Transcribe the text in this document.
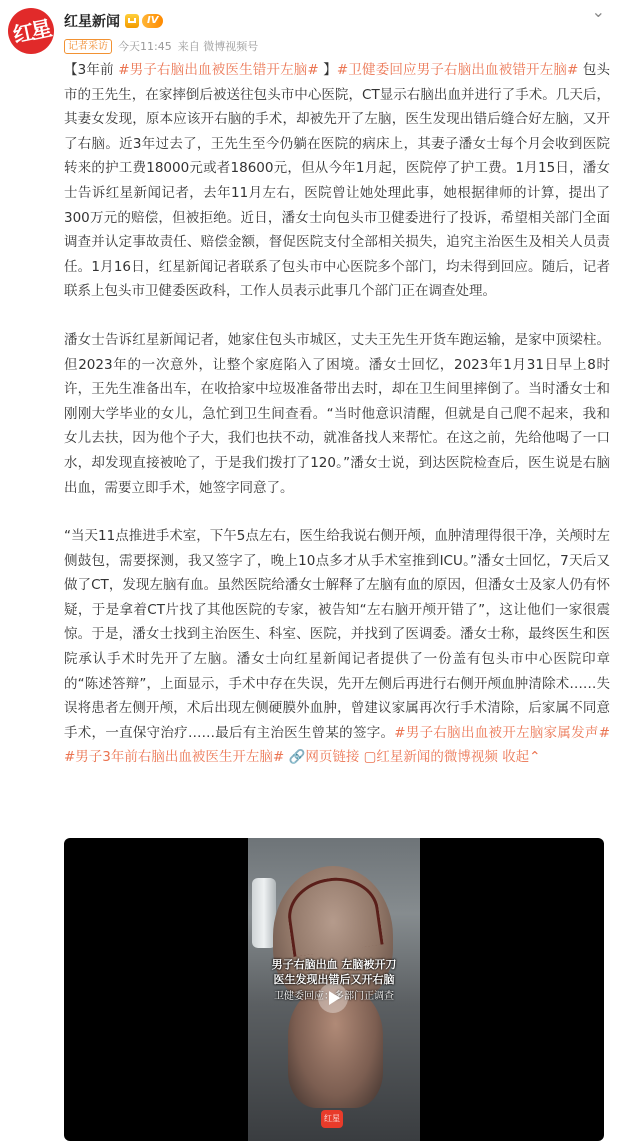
红星 红星新闻	IV	⌄
记者采访 今天11:45 来自 微博视频号

【3年前 #男子右脑出血被医生错开左脑# 】#卫健委回应男子右脑出血被错开左脑# 包头市的王先生，在家摔倒后被送往包头市中心医院，CT显示右脑出血并进行了手术。几天后，其妻女发现，原本应该开右脑的手术，却被先开了左脑，医生发现出错后缝合好左脑，又开了右脑。近3年过去了，王先生至今仍躺在医院的病床上，其妻子潘女士每个月会收到医院转来的护工费18000元或者18600元，但从今年1月起，医院停了护工费。1月15日，潘女士告诉红星新闻记者，去年11月左右，医院曾让她处理此事，她根据律师的计算，提出了300万元的赔偿，但被拒绝。近日，潘女士向包头市卫健委进行了投诉，希望相关部门全面调查并认定事故责任、赔偿金额，督促医院支付全部相关损失，追究主治医生及相关人员责任。1月16日，红星新闻记者联系了包头市中心医院多个部门，均未得到回应。随后，记者联系上包头市卫健委医政科，工作人员表示此事几个部门正在调查处理。

潘女士告诉红星新闻记者，她家住包头市城区，丈夫王先生开货车跑运输，是家中顶梁柱。但2023年的一次意外，让整个家庭陷入了困境。潘女士回忆，2023年1月31日早上8时许，王先生准备出车，在收拾家中垃圾准备带出去时，却在卫生间里摔倒了。当时潘女士和刚刚大学毕业的女儿，急忙到卫生间查看。“当时他意识清醒，但就是自己爬不起来，我和女儿去扶，因为他个子大，我们也扶不动，就准备找人来帮忙。在这之前，先给他喝了一口水，却发现直接被呛了，于是我们拨打了120。”潘女士说，到达医院检查后，医生说是右脑出血，需要立即手术，她签字同意了。

“当天11点推进手术室，下午5点左右，医生给我说右侧开颅，血肿清理得很干净，关颅时左侧鼓包，需要探测，我又签字了，晚上10点多才从手术室推到ICU。”潘女士回忆，7天后又做了CT，发现左脑有血。虽然医院给潘女士解释了左脑有血的原因，但潘女士及家人仍有怀疑，于是拿着CT片找了其他医院的专家，被告知“左右脑开颅开错了”，这让他们一家很震惊。于是，潘女士找到主治医生、科室、医院，并找到了医调委。潘女士称，最终医生和医院承认手术时先开了左脑。潘女士向红星新闻记者提供了一份盖有包头市中心医院印章的“陈述答辩”，上面显示，手术中存在失误，先开左侧后再进行右侧开颅血肿清除术……失误将患者左侧开颅，术后出现左侧硬膜外血肿，曾建议家属再次行手术清除，后家属不同意手术，一直保守治疗……最后有主治医生曾某的签字。#男子右脑出血被开左脑家属发声# #男子3年前右脑出血被医生开左脑# 🔗网页链接 ▢红星新闻的微博视频 收起⌃

男子右脑出血 左脑被开刀
医生发现出错后又开右脑
卫健委回应：多部门正调查
红星
